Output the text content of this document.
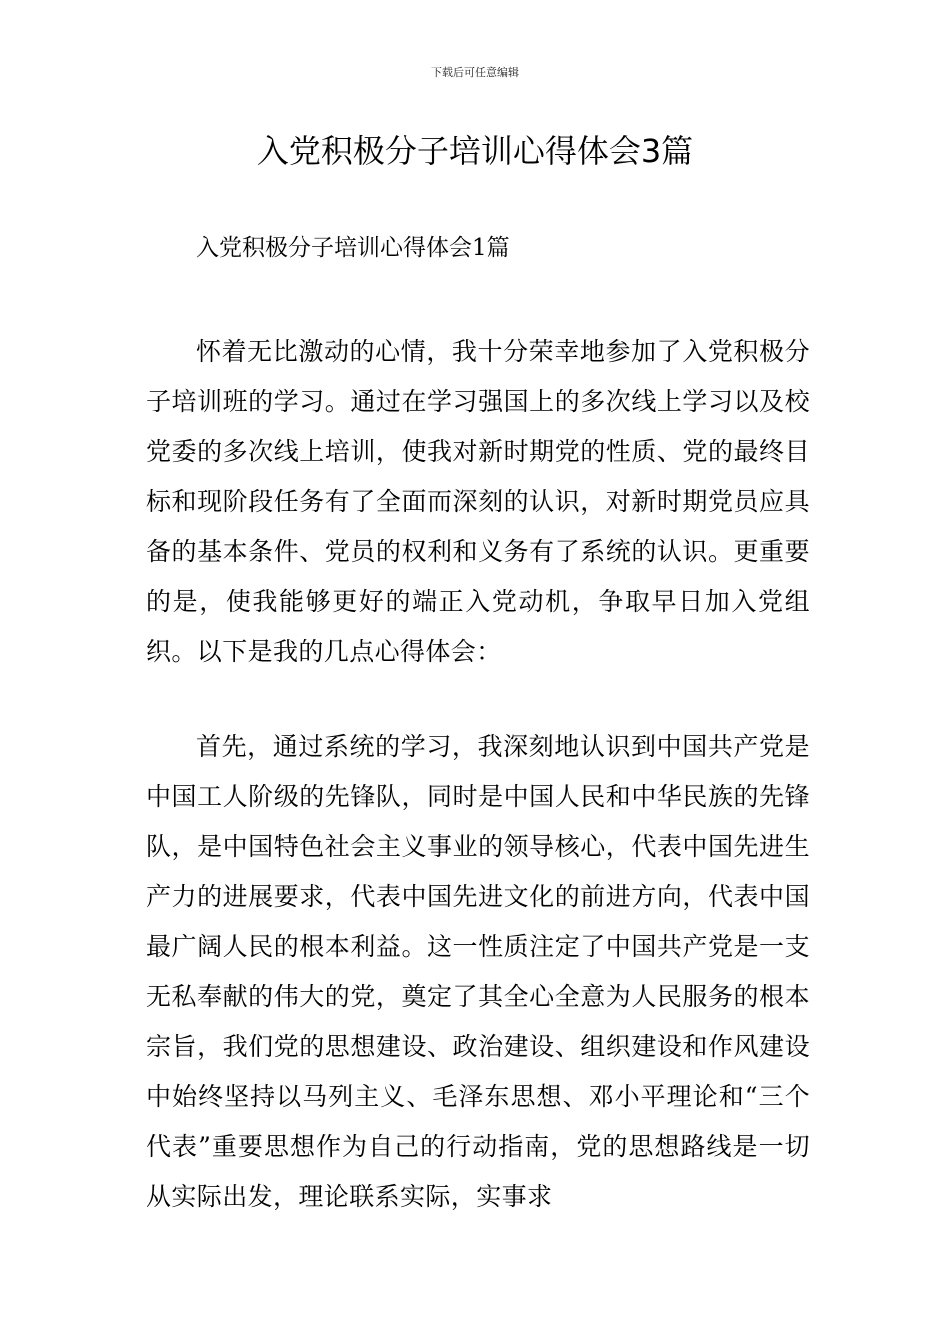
下载后可任意编辑
入党积极分子培训心得体会3篇
入党积极分子培训心得体会1篇

怀着无比激动的心情，我十分荣幸地参加了入党积极分子培训班的学习。通过在学习强国上的多次线上学习以及校党委的多次线上培训，使我对新时期党的性质、党的最终目标和现阶段任务有了全面而深刻的认识，对新时期党员应具备的基本条件、党员的权利和义务有了系统的认识。更重要的是，使我能够更好的端正入党动机，争取早日加入党组织。以下是我的几点心得体会：

首先，通过系统的学习，我深刻地认识到中国共产党是中国工人阶级的先锋队，同时是中国人民和中华民族的先锋队，是中国特色社会主义事业的领导核心，代表中国先进生产力的进展要求，代表中国先进文化的前进方向，代表中国最广阔人民的根本利益。这一性质注定了中国共产党是一支无私奉献的伟大的党，奠定了其全心全意为人民服务的根本宗旨，我们党的思想建设、政治建设、组织建设和作风建设中始终坚持以马列主义、毛泽东思想、邓小平理论和“三个代表”重要思想作为自己的行动指南，党的思想路线是一切从实际出发，理论联系实际，实事求
